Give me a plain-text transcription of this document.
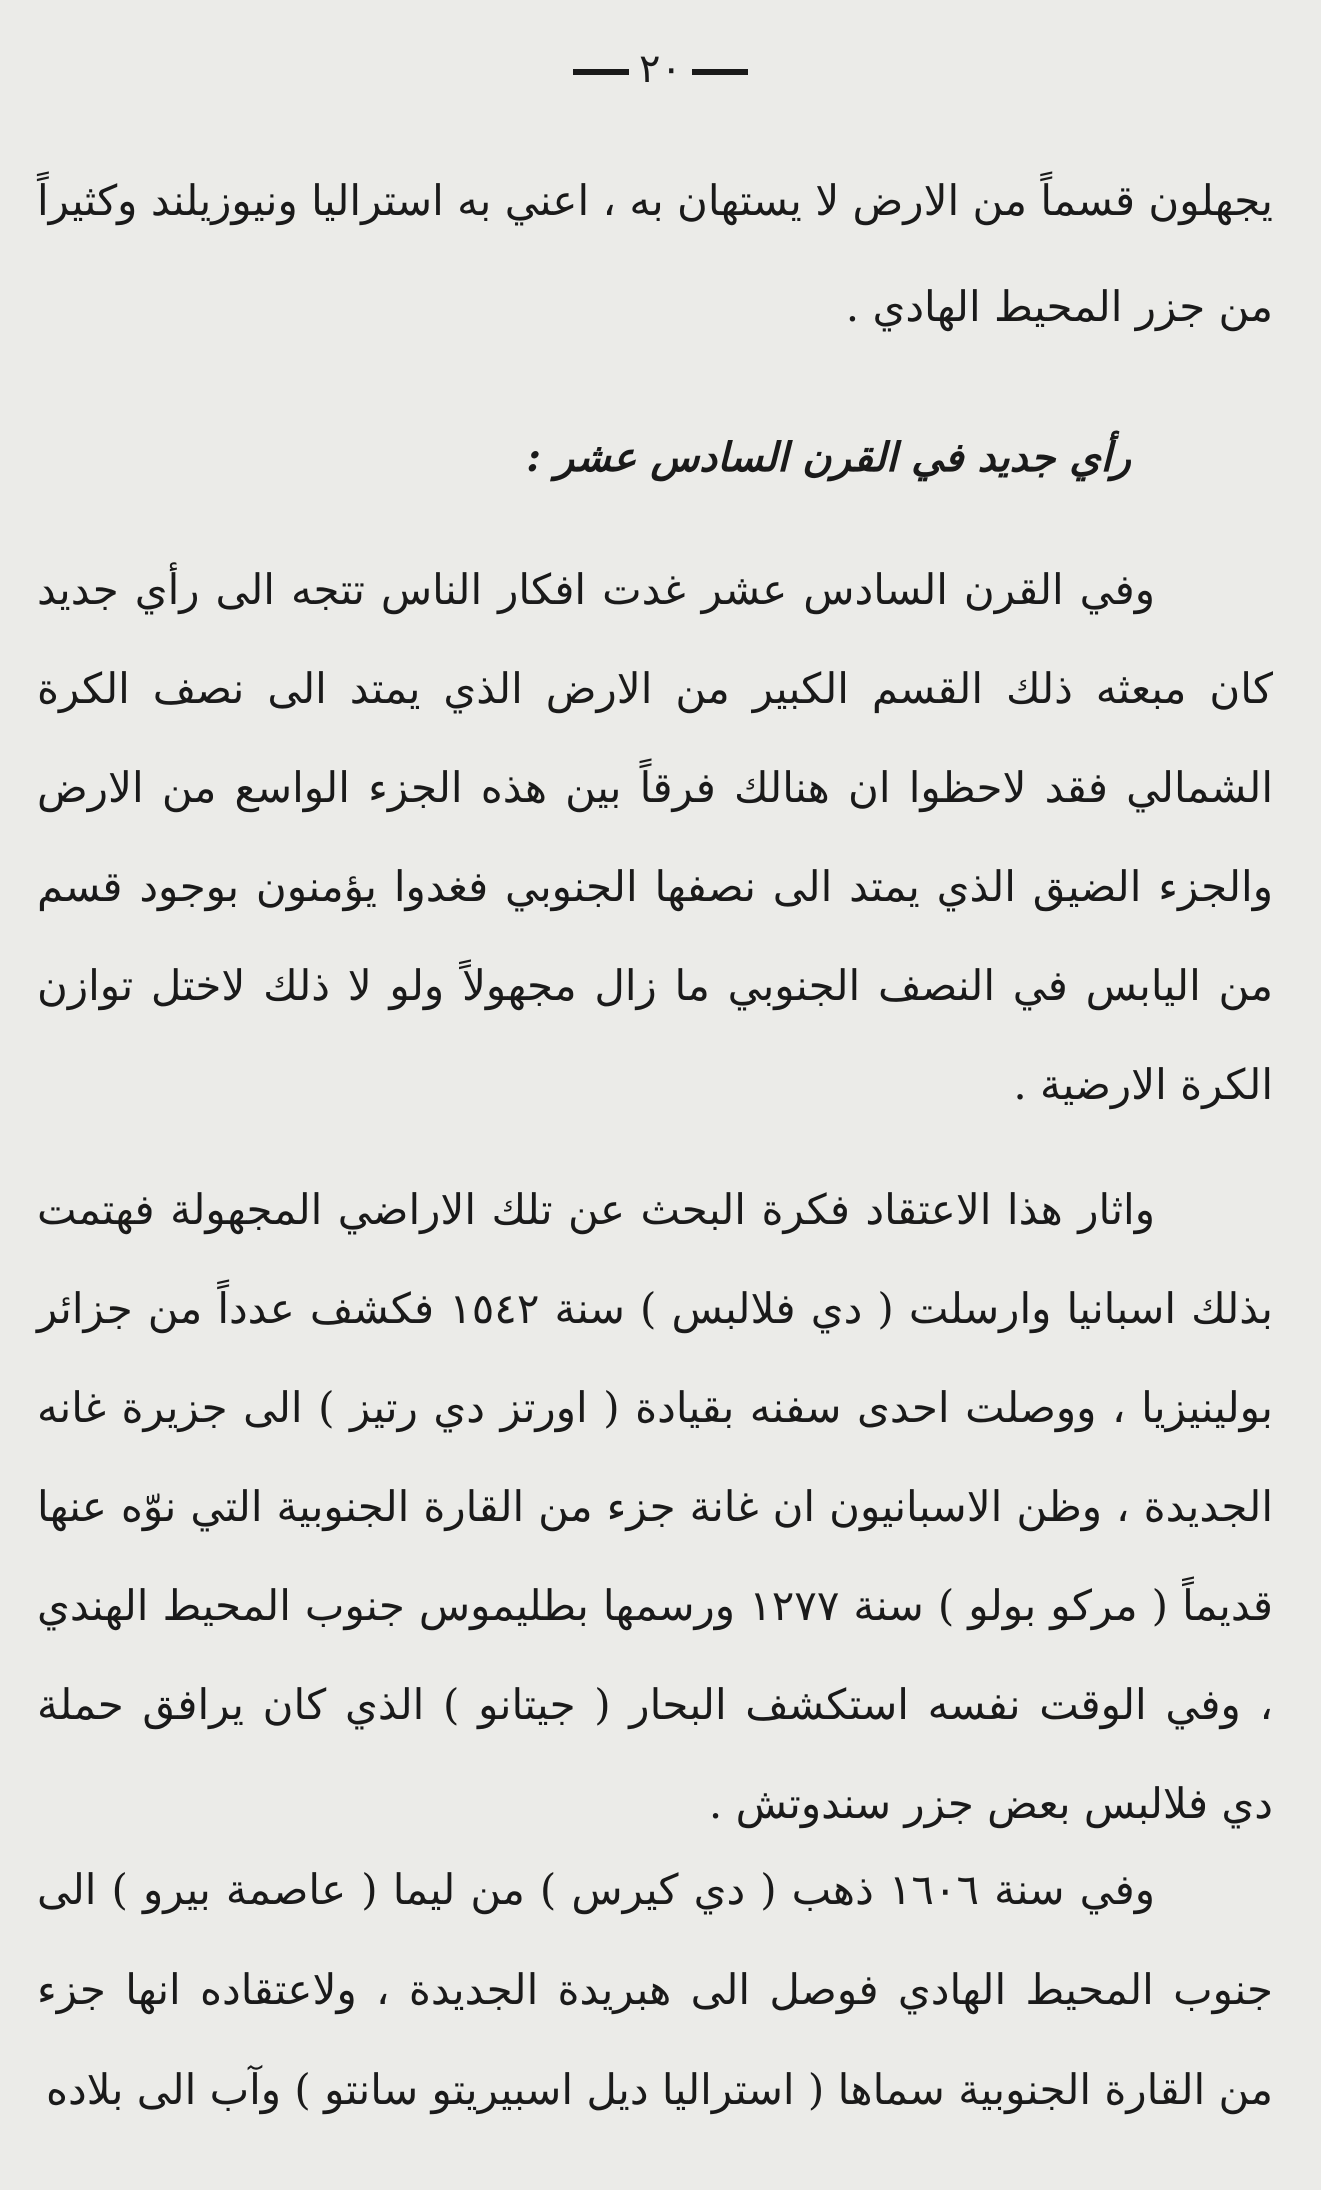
٢٠
يجهلون قسماً من الارض لا يستهان به ، اعني به استراليا ونيوزيلند وكثيراً من جزر المحيط الهادي .
رأي جديد في القرن السادس عشر :
وفي القرن السادس عشر غدت افكار الناس تتجه الى رأي جديد كان مبعثه ذلك القسم الكبير من الارض الذي يمتد الى نصف الكرة الشمالي فقد لاحظوا ان هنالك فرقاً بين هذه الجزء الواسع من الارض والجزء الضيق الذي يمتد الى نصفها الجنوبي فغدوا يؤمنون بوجود قسم من اليابس في النصف الجنوبي ما زال مجهولاً ولو لا ذلك لاختل توازن الكرة الارضية .
واثار هذا الاعتقاد فكرة البحث عن تلك الاراضي المجهولة فهتمت بذلك اسبانيا وارسلت ( دي فلالبس ) سنة ١٥٤٢ فكشف عدداً من جزائر بولينيزيا ، ووصلت احدى سفنه بقيادة ( اورتز دي رتيز ) الى جزيرة غانه الجديدة ، وظن الاسبانيون ان غانة جزء من القارة الجنوبية التي نوّه عنها قديماً ( مركو بولو ) سنة ١٢٧٧ ورسمها بطليموس جنوب المحيط الهندي ، وفي الوقت نفسه استكشف البحار ( جيتانو ) الذي كان يرافق حملة دي فلالبس بعض جزر سندوتش .
وفي سنة ١٦٠٦ ذهب ( دي كيرس ) من ليما ( عاصمة بيرو ) الى جنوب المحيط الهادي فوصل الى هبريدة الجديدة ، ولاعتقاده انها جزء من القارة الجنوبية سماها ( استراليا ديل اسبيريتو سانتو ) وآب الى بلاده
